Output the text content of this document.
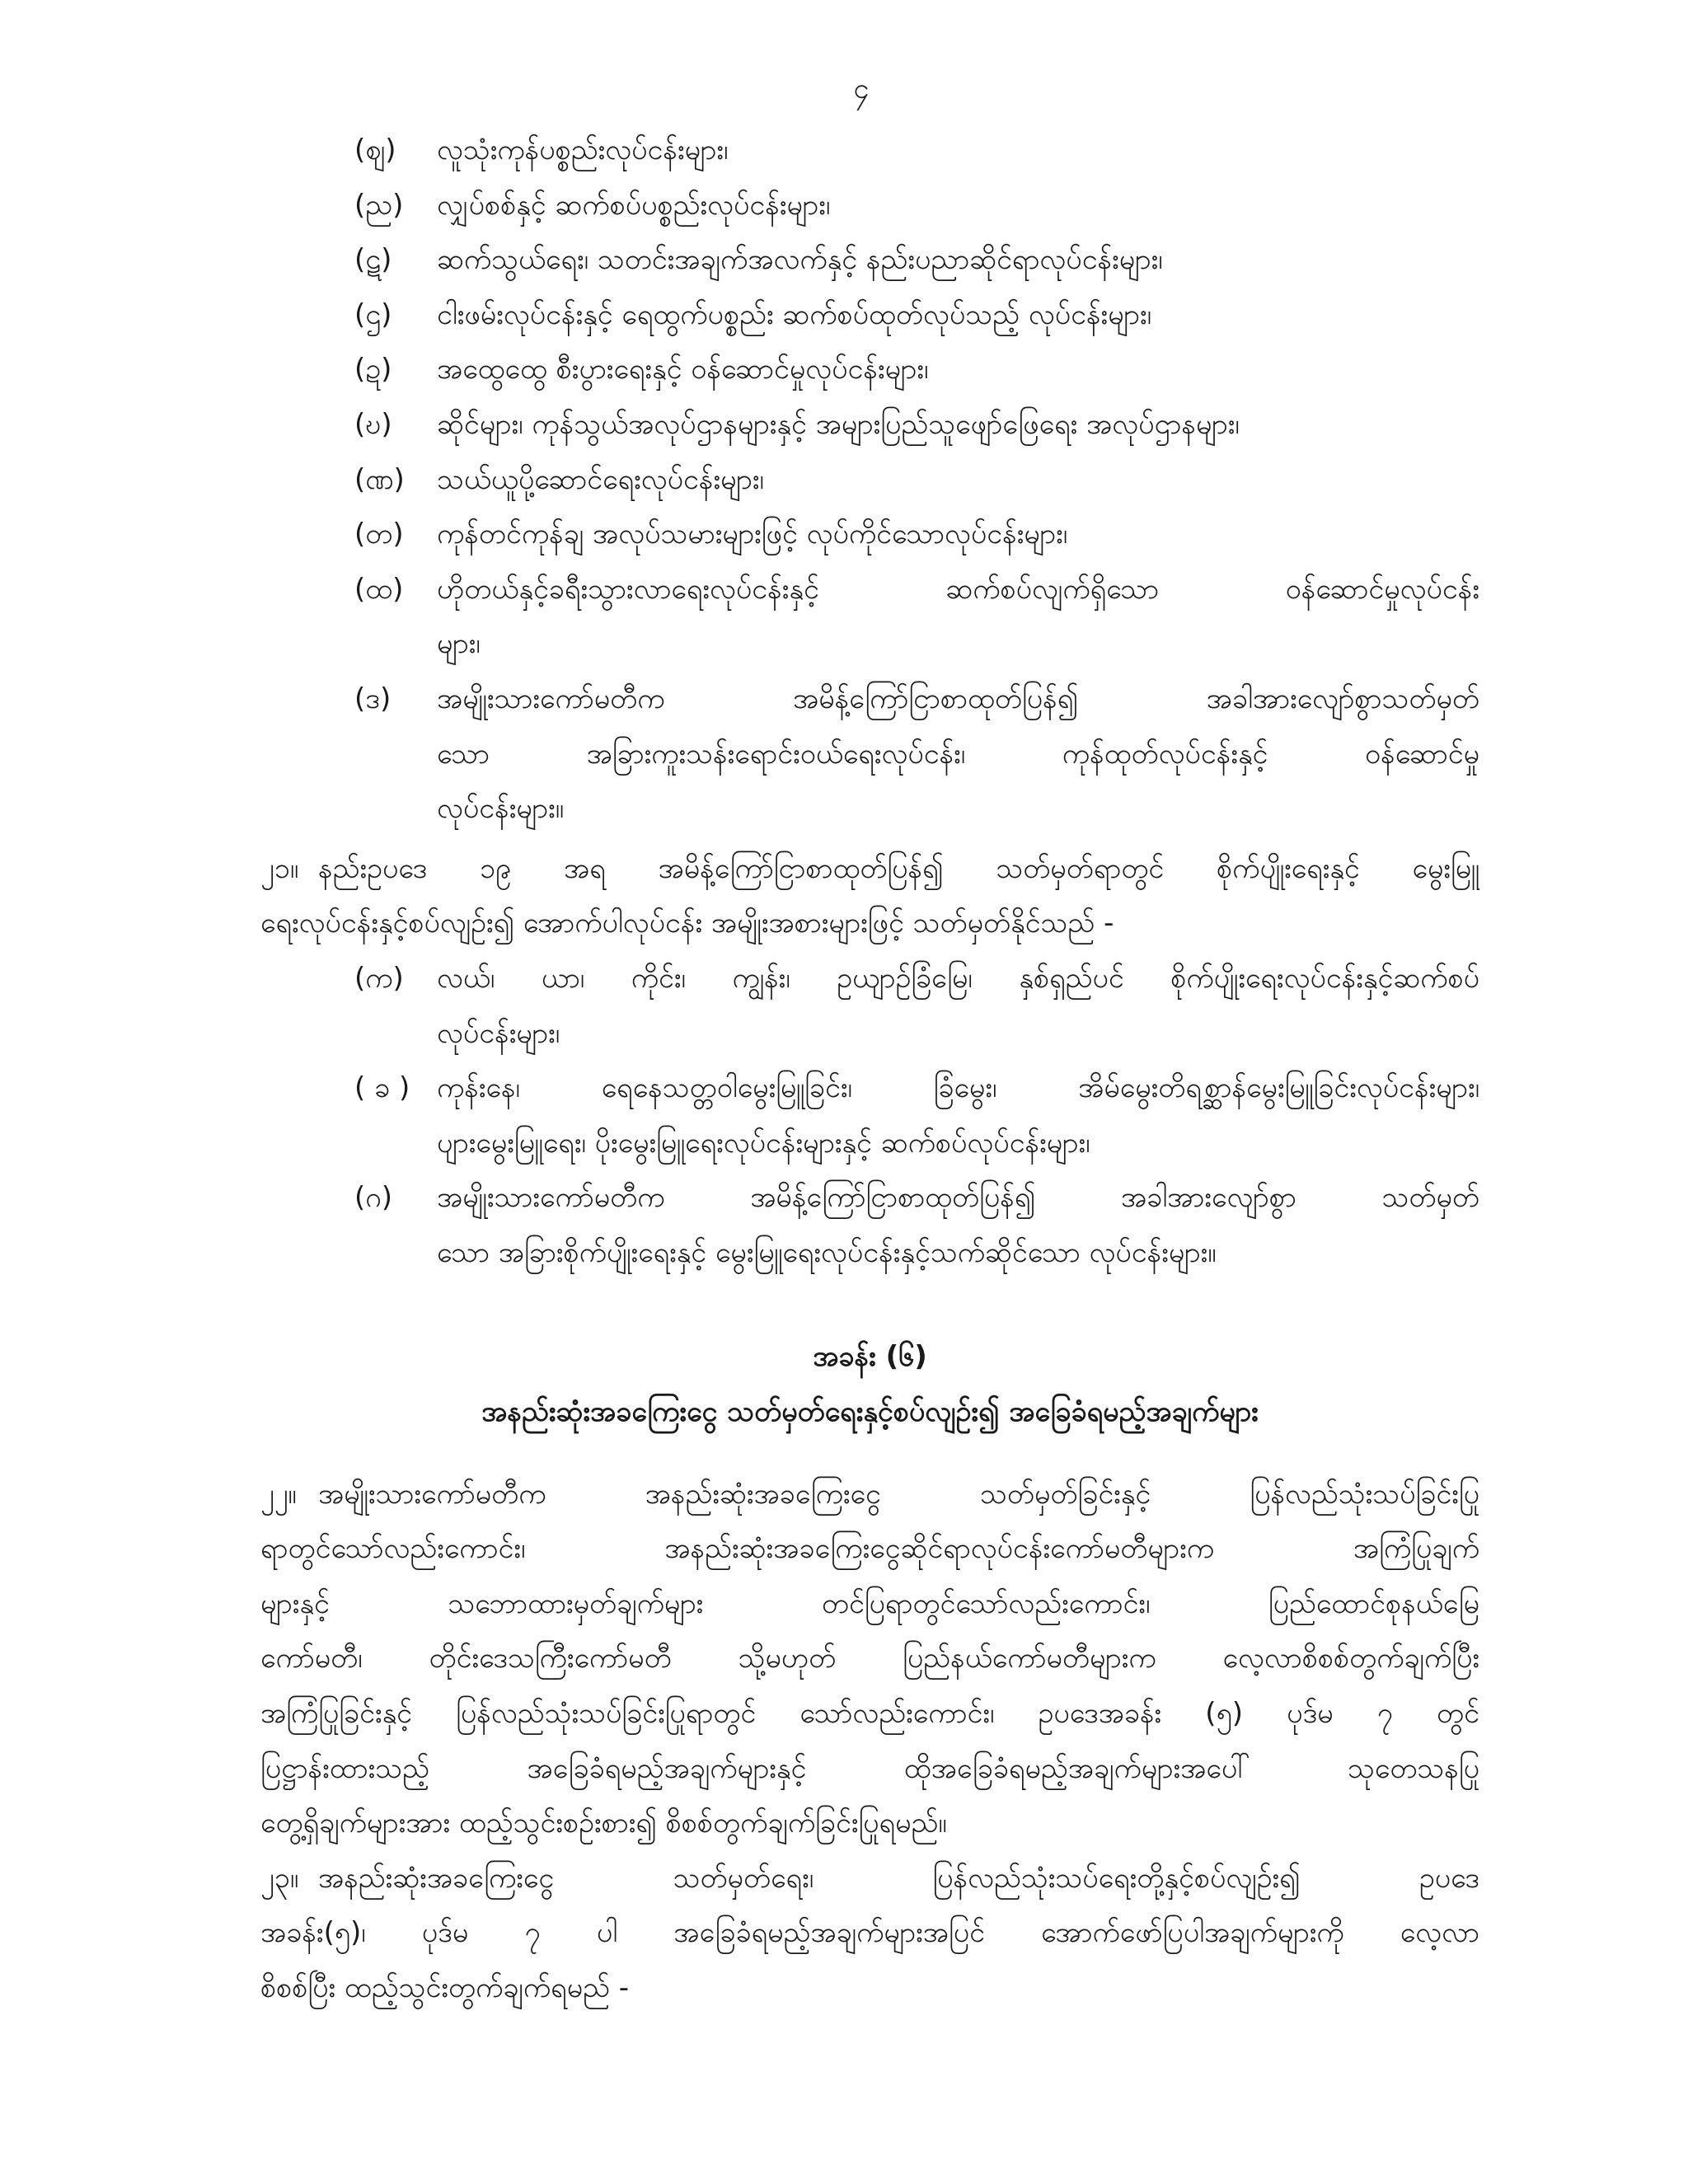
၄
(ဈ)	လူသုံးကုန်ပစ္စည်းလုပ်ငန်းများ၊
(ည)	လျှပ်စစ်နှင့် ဆက်စပ်ပစ္စည်းလုပ်ငန်းများ၊
(ဋ)	ဆက်သွယ်ရေး၊ သတင်းအချက်အလက်နှင့် နည်းပညာဆိုင်ရာလုပ်ငန်းများ၊
(ဌ)	ငါးဖမ်းလုပ်ငန်းနှင့် ရေထွက်ပစ္စည်း ဆက်စပ်ထုတ်လုပ်သည့် လုပ်ငန်းများ၊
(ဍ)	အထွေထွေ စီးပွားရေးနှင့် ဝန်ဆောင်မှုလုပ်ငန်းများ၊
(ဎ)	ဆိုင်များ၊ ကုန်သွယ်အလုပ်ဌာနများနှင့် အများပြည်သူဖျော်ဖြေရေး အလုပ်ဌာနများ၊
(ဏ)	သယ်ယူပို့ဆောင်ရေးလုပ်ငန်းများ၊
(တ)	ကုန်တင်ကုန်ချ အလုပ်သမားများဖြင့် လုပ်ကိုင်သောလုပ်ငန်းများ၊
(ထ)	ဟိုတယ်နှင့်ခရီးသွားလာရေးလုပ်ငန်းနှင့် ဆက်စပ်လျက်ရှိသော ဝန်ဆောင်မှုလုပ်ငန်း
များ၊
(ဒ)	အမျိုးသားကော်မတီက အမိန့်ကြော်ငြာစာထုတ်ပြန်၍ အခါအားလျော်စွာသတ်မှတ်
သော အခြားကူးသန်းရောင်းဝယ်ရေးလုပ်ငန်း၊ ကုန်ထုတ်လုပ်ငန်းနှင့် ဝန်ဆောင်မှု
လုပ်ငန်းများ။
၂၁။ နည်းဥပဒေ ၁၉ အရ အမိန့်ကြော်ငြာစာထုတ်ပြန်၍ သတ်မှတ်ရာတွင် စိုက်ပျိုးရေးနှင့် မွေးမြူ
ရေးလုပ်ငန်းနှင့်စပ်လျဉ်း၍ အောက်ပါလုပ်ငန်း အမျိုးအစားများဖြင့် သတ်မှတ်နိုင်သည် -
(က)	လယ်၊ ယာ၊ ကိုင်း၊ ကျွန်း၊ ဥယျာဉ်ခြံမြေ၊ နှစ်ရှည်ပင် စိုက်ပျိုးရေးလုပ်ငန်းနှင့်ဆက်စပ်
လုပ်ငန်းများ၊
( ခ ) ကုန်းနေ၊ ရေနေသတ္တဝါမွေးမြူခြင်း၊ ခြံမွေး၊ အိမ်မွေးတိရစ္ဆာန်မွေးမြူခြင်းလုပ်ငန်းများ၊
ပျားမွေးမြူရေး၊ ပိုးမွေးမြူရေးလုပ်ငန်းများနှင့် ဆက်စပ်လုပ်ငန်းများ၊
(ဂ)	အမျိုးသားကော်မတီက အမိန့်ကြော်ငြာစာထုတ်ပြန်၍ အခါအားလျော်စွာ သတ်မှတ်
သော အခြားစိုက်ပျိုးရေးနှင့် မွေးမြူရေးလုပ်ငန်းနှင့်သက်ဆိုင်သော လုပ်ငန်းများ။
အခန်း (၆)
အနည်းဆုံးအခကြေးငွေ သတ်မှတ်ရေးနှင့်စပ်လျဉ်း၍ အခြေခံရမည့်အချက်များ
၂၂။ အမျိုးသားကော်မတီက အနည်းဆုံးအခကြေးငွေ သတ်မှတ်ခြင်းနှင့် ပြန်လည်သုံးသပ်ခြင်းပြု
ရာတွင်သော်လည်းကောင်း၊ အနည်းဆုံးအခကြေးငွေဆိုင်ရာလုပ်ငန်းကော်မတီများက အကြံပြုချက်
များနှင့် သဘောထားမှတ်ချက်များ တင်ပြရာတွင်သော်လည်းကောင်း၊ ပြည်ထောင်စုနယ်မြေ
ကော်မတီ၊ တိုင်းဒေသကြီးကော်မတီ သို့မဟုတ် ပြည်နယ်ကော်မတီများက လေ့လာစိစစ်တွက်ချက်ပြီး
အကြံပြုခြင်းနှင့် ပြန်လည်သုံးသပ်ခြင်းပြုရာတွင် သော်လည်းကောင်း၊ ဥပဒေအခန်း (၅) ပုဒ်မ ၇ တွင်
ပြဋ္ဌာန်းထားသည့် အခြေခံရမည့်အချက်များနှင့် ထိုအခြေခံရမည့်အချက်များအပေါ် သုတေသနပြု
တွေ့ရှိချက်များအား ထည့်သွင်းစဉ်းစား၍ စိစစ်တွက်ချက်ခြင်းပြုရမည်။
၂၃။ အနည်းဆုံးအခကြေးငွေ သတ်မှတ်ရေး၊ ပြန်လည်သုံးသပ်ရေးတို့နှင့်စပ်လျဉ်း၍ ဥပဒေ
အခန်း(၅)၊ ပုဒ်မ ၇ ပါ အခြေခံရမည့်အချက်များအပြင် အောက်ဖော်ပြပါအချက်များကို လေ့လာ
စိစစ်ပြီး ထည့်သွင်းတွက်ချက်ရမည် -
